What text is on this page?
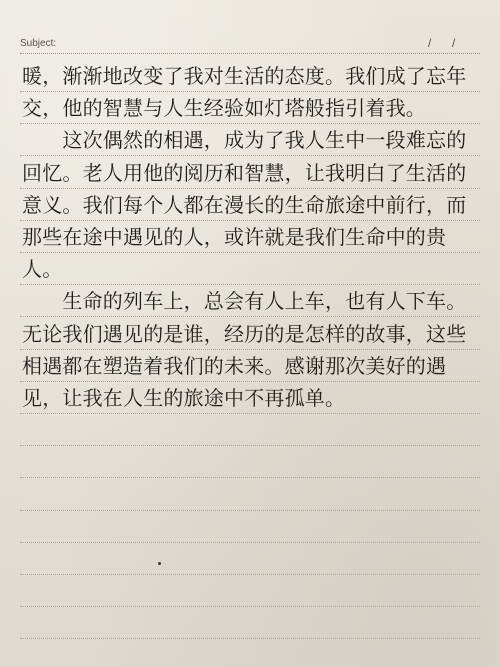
Subject:	/ /

暖，渐渐地改变了我对生活的态度。我们成了忘年交，他的智慧与人生经验如灯塔般指引着我。

　　这次偶然的相遇，成为了我人生中一段难忘的回忆。老人用他的阅历和智慧，让我明白了生活的意义。我们每个人都在漫长的生命旅途中前行，而那些在途中遇见的人，或许就是我们生命中的贵人。

　　生命的列车上，总会有人上车，也有人下车。无论我们遇见的是谁，经历的是怎样的故事，这些相遇都在塑造着我们的未来。感谢那次美好的遇见，让我在人生的旅途中不再孤单。
